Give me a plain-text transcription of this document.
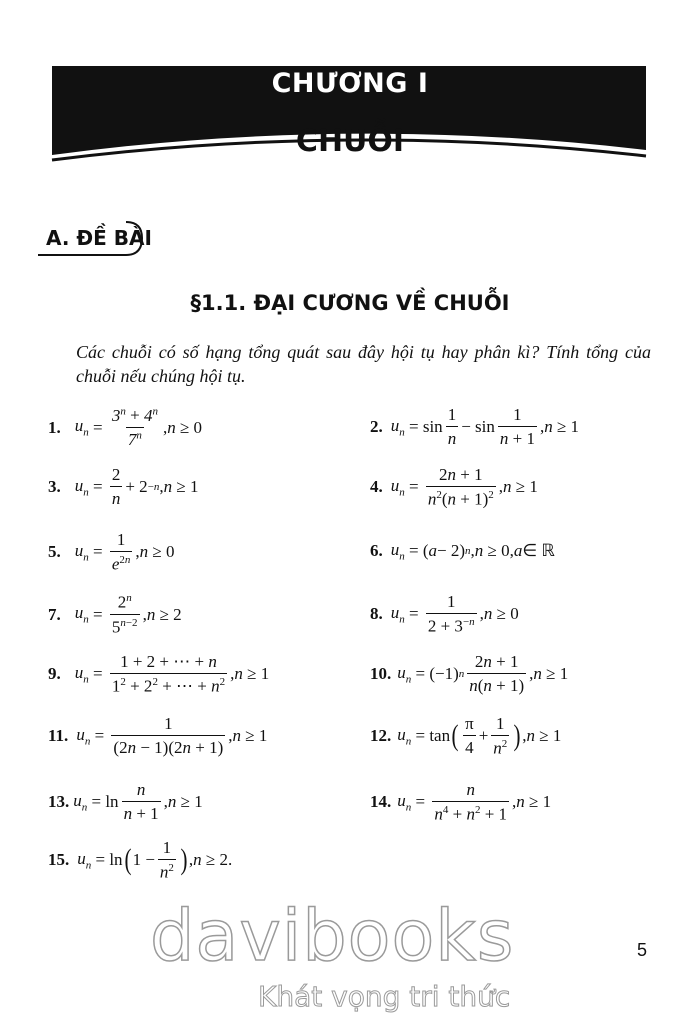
CHƯƠNG I
CHUỖI
A. ĐỀ BÀI
§1.1. ĐẠI CƯƠNG VỀ CHUỖI
Các chuỗi có số hạng tổng quát sau đây hội tụ hay phân kì? Tính tổng của chuỗi nếu chúng hội tụ.
1. $u_n$ =
$3^n + 4^n$
7$^n$ , n ≥ 0	2. $u_n = \sin$
1
n
− sin
1
n + 1
, n ≥ 1
3. $u_n$ =
2
n
+ 2 −n , n ≥ 1	4. $u_n$ =
2n + 1
$n^2(n + 1)^2$ , n ≥ 1
5. $u_n$ =
1
$e^{2n}$ , n ≥ 0	6. $u_n$ = ( a − 2) n , n ≥ 0, a ∈ ℝ
7. $u_n$ =
2$^n$
$5^{n-2}$ , n ≥ 2	8. $u_n$ =
1
$2 + 3^{-n}$ , n ≥ 0
9. $u_n$ =
1 + 2 + ⋯ + n
$1^2 + 2^2$ + ⋯ + $n^2$ , n ≥ 1	10. $u_n = (-1)$ n
2n + 1
n(n + 1)
, n ≥ 1
11. $u_n$ =
1
(2n − 1)(2n + 1)
, n ≥ 1	12. $u_n = \tan$ ( π
4
+
1
$n^2$ ) , n ≥ 1
13. $u_n = \ln$
n
n + 1
, n ≥ 1	14. $u_n$ =
n
$n^4 + n^2 + 1$
, n ≥ 1
15. $u_n = \ln$ ( 1 −
1
$n^2$ ) , n ≥ 2.
davibooks
Khát vọng tri thức
5
